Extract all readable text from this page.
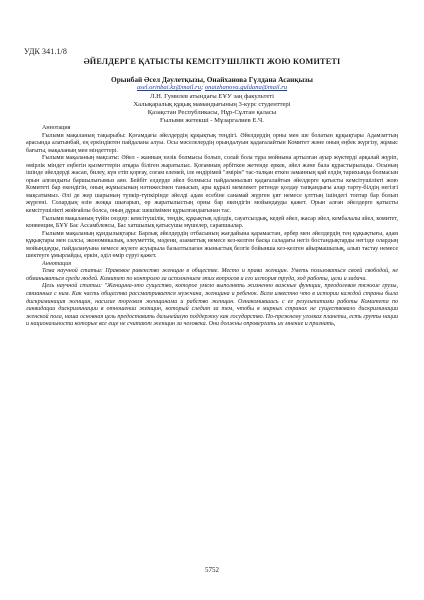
УДК 341.1/8
ӘЙЕЛДЕРГЕ ҚАТЫСТЫ КЕМСІТУШІЛІКТІ ЖОЮ КОМИТЕТІ
Орынбай Әсел Дәулетқызы, Онайханова Гүлдана Асанқызы
asel.orinbai.kz@mail.ru; onaizhanova.guldana@mail.ru
Л.Н. Гумилев атындағы ЕҰУ заң факультеті
Халықаралық құқық мамандығының 3-курс студенттері
Қазақстан Республикасы, Нұр-Сұлтан қаласы
Ғылыми жетекші - Мұзаргалиев Е.Ч.

Аннотация

Ғылыми мақаланың тақырыбы: Қоғамдағы әйелдердің құқықтық теңдігі. Әйелдердің орны мен ше болатын құқықтары Адамзаттың арасында алатынбай, ең еркіндіктен пайдалана алуы. Осы мәселелердің орындалуын қадағалайтын Комитет және оның еңбек жүргізу, жұмыс бағыты, мақаланың мен міндеттері.

Ғылыми мақаланың мақсаты: Әйел - жанның нәзік болмысы болып, солай бола тұра мойнына артылған ауыр жүктерді арқалай жүріп, өмірлік міндет еңбегін қызметтерін атқара біліген жаратылыс. Қоғамның әрбіткен жетенде еркек, әйел және бала құрастырылады. Осының ішінде әйелдерді жасап, билеу, күн етіп қорғау, соғам елемей, іле өндірімей "әмірін" тас-талқан еткен заманның қай елдің тарихында болмасын орын алғандығы баршылығымыз аян. Бейбіт елдерде әйел болмысы пайдаланылып қадағалайтын әйелдерге қатысты кемсітушілікті жою Комитеті бар екендігін, оның жұмысының нәтижесімен танысып, ары құралі мемлекет ретенде қолдау тапқандығы алар тарту-білдің негізгі мақсатымыз. Әлі де жер шарының түпкір-түпкірінде әйелді адам есебіне санамай жүрген ұят немесе ұлттың ішіндегі топтар бар болып жүргені. Солардың өзін жоққа шығарып, өр жаратылыстың орны бар екендігін мойындауды қажет. Орын алған әйелдерге қатысты кемсітушілікті жойғайлы болса, оның дұрыс шешімімен құрылғандығынан тас.

Ғылыми мақаланың түйін сөздер: кемсітушілік, теңдік, құқықтық әділдік, сауатсыздық, кедей әйел, жасар әйел, кембалалы әйел, комитет, конвенция, БҰҰ Бас Ассамблеясы, Бас хатшылық қатысушы мүшелер, сарапшылар.

Ғылыми мақаланың құндылықтары: Барлық әйелдердің отбасының жағдайына қарамастан, әрбер мен әйелдердің тең құқықтығы, адам құқықтары мен салсы, экономикалық, әлеуметтік, мәдени, азаматтық немесе кез-келген басқа саладағы негіз бостандықтарды негізде олардың мойындауды, пайдалануына немесе жүзеге асуырыла базылтылаған жыныстық белгіе бойынша кез-келген айырмашылық, алып тастау немесе шектеуге ұмырлайды, еркін, әділ өмір сүруі қажет.

Аннотация

Тема научной статьи: Правовое равенство женщин в обществе. Место и права женщин. Уметь пользоваться своей свободой, не обманываться среди людей. Комитет по контролю за исполнением этих вопросов и его история труда, ход работы, цели и задачи.

Цель научной статьи: "Женщина-это существо, которое умело выполнять жизненно важные функции, преодолевая тяжкие грузы, связанные с ним. Как часть общества рассматривается мужчина, женщина и ребенок. Всем известно что в истории каждой страны была дискриминация женщин, насилие торговля женщинами и рабство женщин. Ознакомившись с ее результатами работы Комитета по ликвидации дискриминации в отношении женщин, который следит за тем, чтобы в мирных странах не существовало дискриминации женской пола, наша основная цель предоставить дальнейшую поддержку как государство. По-прежнему уголках планеты, есть группы нации и национальности которые все еще не считают женщин за человека. Они должны опровергать их мнение и признать,

5752
